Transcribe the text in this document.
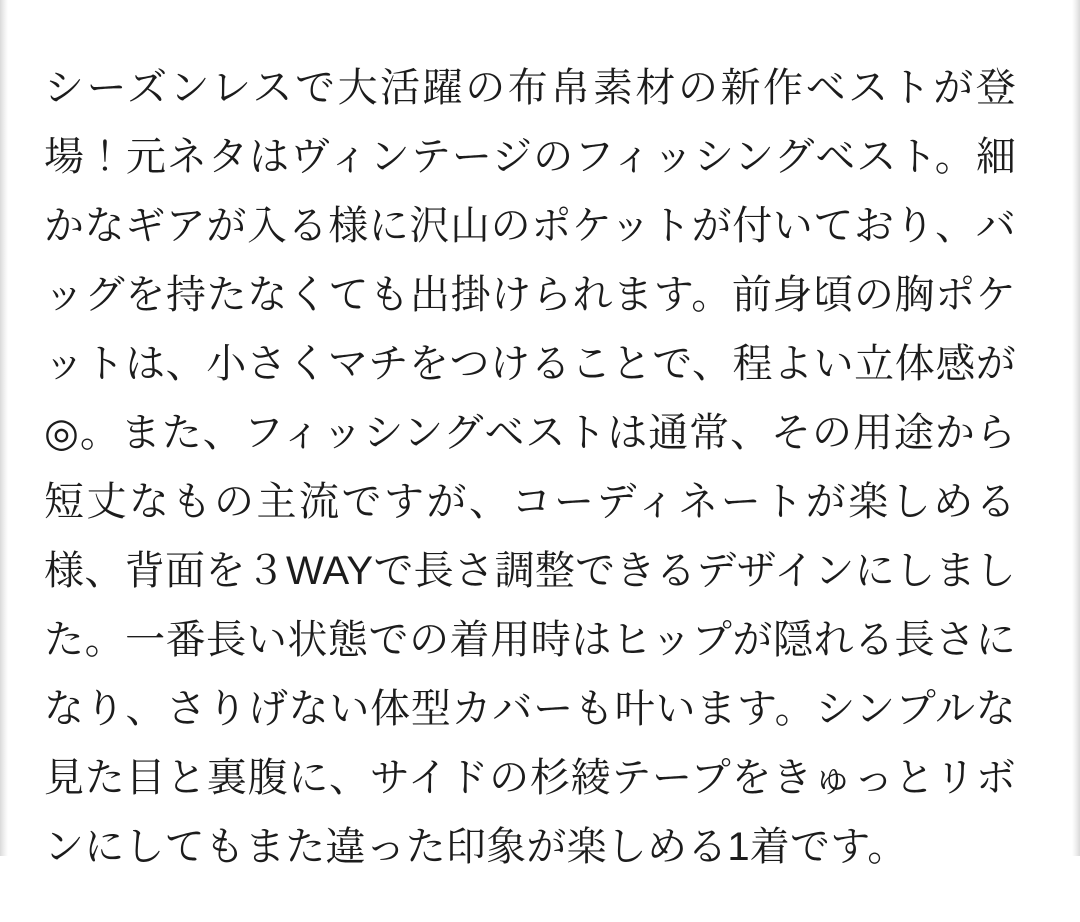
シーズンレスで大活躍の布帛素材の新作ベストが登場！元ネタはヴィンテージのフィッシングベスト。細かなギアが入る様に沢山のポケットが付いており、バッグを持たなくても出掛けられます。前身頃の胸ポケットは、小さくマチをつけることで、程よい立体感が◎。また、フィッシングベストは通常、その用途から短丈なもの主流ですが、コーディネートが楽しめる様、背面を３WAYで長さ調整できるデザインにしました。一番長い状態での着用時はヒップが隠れる長さになり、さりげない体型カバーも叶います。シンプルな見た目と裏腹に、サイドの杉綾テープをきゅっとリボンにしてもまた違った印象が楽しめる1着です。
